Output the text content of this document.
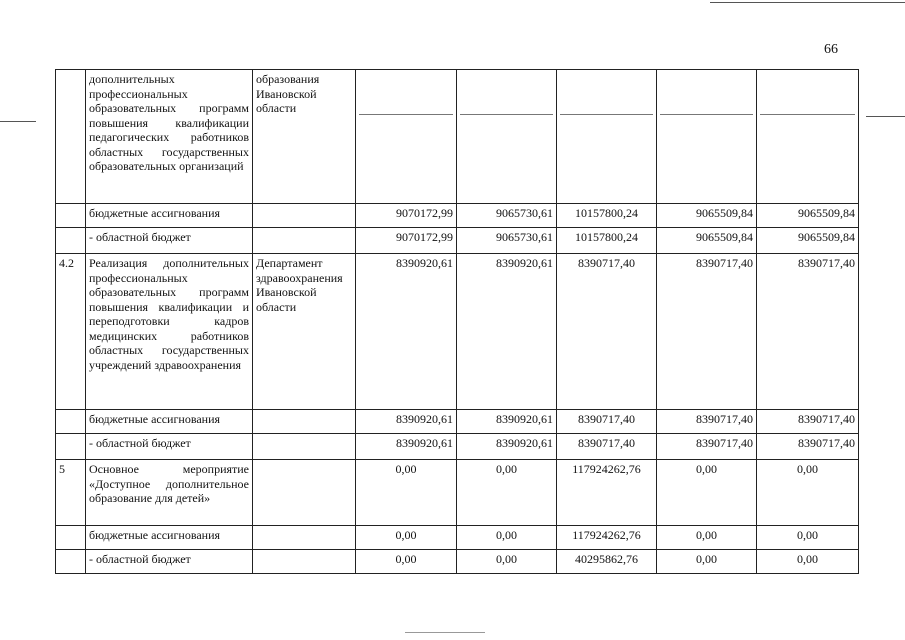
66
	дополнительных профессиональных образовательных программ повышения квалификации педагогических работников областных государственных образовательных организаций	образования Ивановской области	

	бюджетные ассигнования		9070172,99	9065730,61	10157800,24	9065509,84	9065509,84
	- областной бюджет		9070172,99	9065730,61	10157800,24	9065509,84	9065509,84
4.2	Реализация дополнительных профессиональных образовательных программ повышения квалификации и переподготовки кадров медицинских работников областных государственных учреждений здравоохранения	Департамент здравоохранения Ивановской области	8390920,61	8390920,61	8390717,40	8390717,40	8390717,40
	бюджетные ассигнования		8390920,61	8390920,61	8390717,40	8390717,40	8390717,40
	- областной бюджет		8390920,61	8390920,61	8390717,40	8390717,40	8390717,40
5	Основное мероприятие «Доступное дополнительное образование для детей»		0,00	0,00	117924262,76	0,00	0,00
	бюджетные ассигнования		0,00	0,00	117924262,76	0,00	0,00
	- областной бюджет		0,00	0,00	40295862,76	0,00	0,00
